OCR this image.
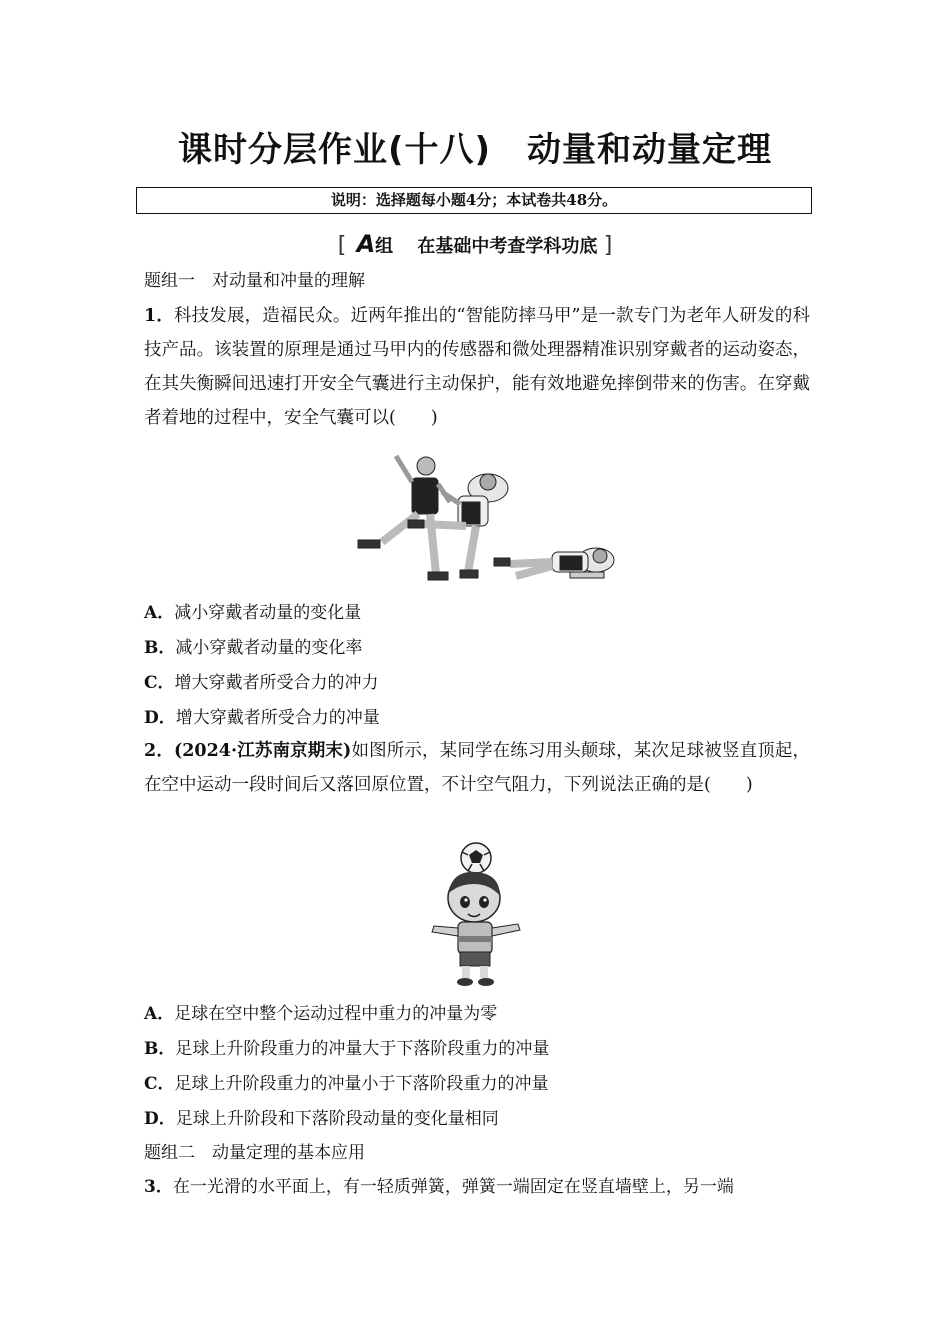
课时分层作业(十八) 动量和动量定理
说明：选择题每小题4分；本试卷共48分。
[ A组 在基础中考查学科功底 ]
题组一　对动量和冲量的理解
1．科技发展，造福民众。近两年推出的“智能防摔马甲”是一款专门为老年人研发的科技产品。该装置的原理是通过马甲内的传感器和微处理器精准识别穿戴者的运动姿态，在其失衡瞬间迅速打开安全气囊进行主动保护，能有效地避免摔倒带来的伤害。在穿戴者着地的过程中，安全气囊可以(　　)
A．减小穿戴者动量的变化量
B．减小穿戴者动量的变化率
C．增大穿戴者所受合力的冲力
D．增大穿戴者所受合力的冲量
2．(2024·江苏南京期末)如图所示，某同学在练习用头颠球，某次足球被竖直顶起，在空中运动一段时间后又落回原位置，不计空气阻力，下列说法正确的是(　　)
A．足球在空中整个运动过程中重力的冲量为零
B．足球上升阶段重力的冲量大于下落阶段重力的冲量
C．足球上升阶段重力的冲量小于下落阶段重力的冲量
D．足球上升阶段和下落阶段动量的变化量相同
题组二　动量定理的基本应用
3．在一光滑的水平面上，有一轻质弹簧，弹簧一端固定在竖直墙壁上，另一端
